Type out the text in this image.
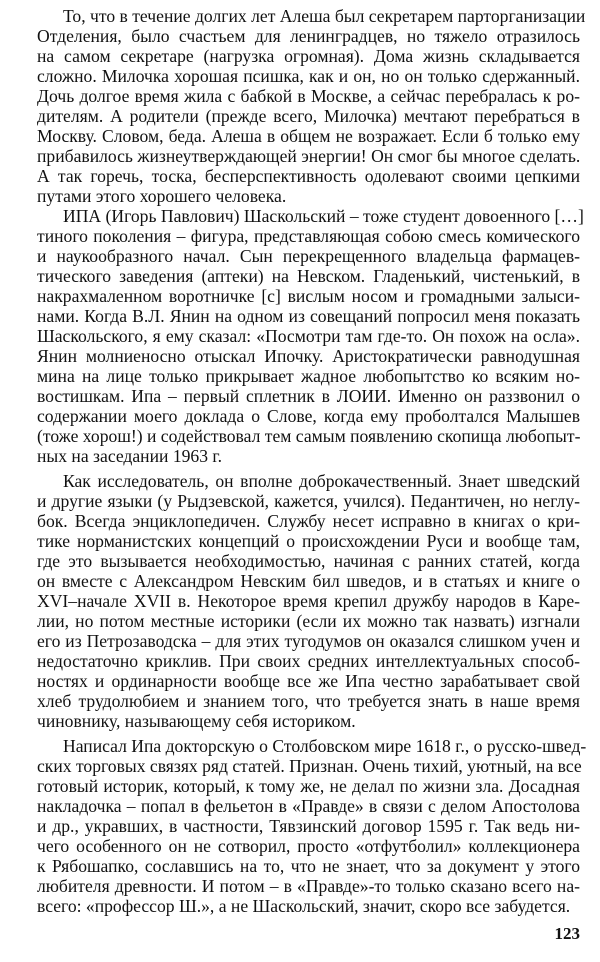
То, что в течение долгих лет Алеша был секретарем парторганизации
Отделения, было счастьем для ленинградцев, но тяжело отразилось
на самом секретаре (нагрузка огромная). Дома жизнь складывается
сложно. Милочка хорошая псишка, как и он, но он только сдержанный.
Дочь долгое время жила с бабкой в Москве, а сейчас перебралась к ро-
дителям. А родители (прежде всего, Милочка) мечтают перебраться в
Москву. Словом, беда. Алеша в общем не возражает. Если б только ему
прибавилось жизнеутверждающей энергии! Он смог бы многое сделать.
А так горечь, тоска, бесперспективность одолевают своими цепкими
путами этого хорошего человека.
ИПА (Игорь Павлович) Шаскольский – тоже студент довоенного […]
тиного поколения – фигура, представляющая собою смесь комического
и наукообразного начал. Сын перекрещенного владельца фармацев-
тического заведения (аптеки) на Невском. Гладенький, чистенький, в
накрахмаленном воротничке [с] вислым носом и громадными залыси-
нами. Когда В.Л. Янин на одном из совещаний попросил меня показать
Шаскольского, я ему сказал: «Посмотри там где-то. Он похож на осла».
Янин молниеносно отыскал Ипочку. Аристократически равнодушная
мина на лице только прикрывает жадное любопытство ко всяким но-
востишкам. Ипа – первый сплетник в ЛОИИ. Именно он раззвонил о
содержании моего доклада о Слове, когда ему проболтался Малышев
(тоже хорош!) и содействовал тем самым появлению скопища любопыт-
ных на заседании 1963 г.
Как исследователь, он вполне доброкачественный. Знает шведский
и другие языки (у Рыдзевской, кажется, учился). Педантичен, но неглу-
бок. Всегда энциклопедичен. Службу несет исправно в книгах о кри-
тике норманистских концепций о происхождении Руси и вообще там,
где это вызывается необходимостью, начиная с ранних статей, когда
он вместе с Александром Невским бил шведов, и в статьях и книге о
XVI–начале XVII в. Некоторое время крепил дружбу народов в Каре-
лии, но потом местные историки (если их можно так назвать) изгнали
его из Петрозаводска – для этих тугодумов он оказался слишком учен и
недостаточно криклив. При своих средних интеллектуальных способ-
ностях и ординарности вообще все же Ипа честно зарабатывает свой
хлеб трудолюбием и знанием того, что требуется знать в наше время
чиновнику, называющему себя историком.
Написал Ипа докторскую о Столбовском мире 1618 г., о русско-швед-
ских торговых связях ряд статей. Признан. Очень тихий, уютный, на все
готовый историк, который, к тому же, не делал по жизни зла. Досадная
накладочка – попал в фельетон в «Правде» в связи с делом Апостолова
и др., укравших, в частности, Тявзинский договор 1595 г. Так ведь ни-
чего особенного он не сотворил, просто «отфутболил» коллекционера
к Рябошапко, сославшись на то, что не знает, что за документ у этого
любителя древности. И потом – в «Правде»-то только сказано всего на-
всего: «профессор Ш.», а не Шаскольский, значит, скоро все забудется.
123
